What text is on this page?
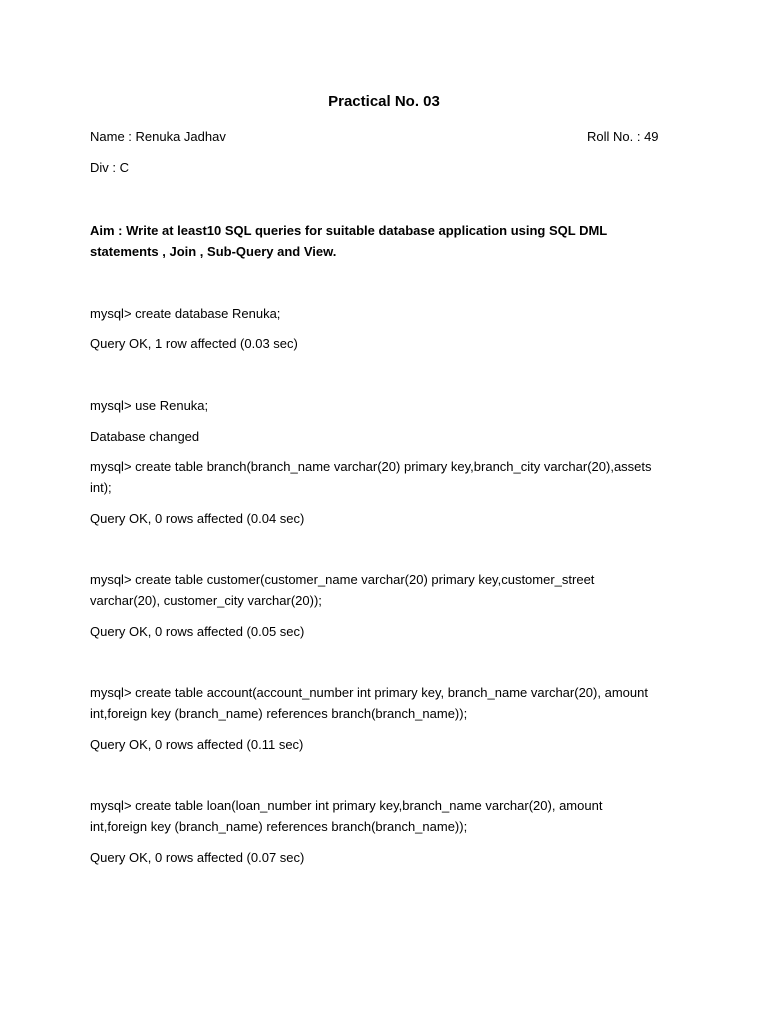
Practical No. 03
Name : Renuka Jadhav	Roll No. : 49
Div : C
Aim : Write at least10 SQL queries for suitable database application using SQL DML statements , Join , Sub-Query and View.
mysql> create database Renuka;
Query OK, 1 row affected (0.03 sec)
mysql> use Renuka;
Database changed
mysql> create table branch(branch_name varchar(20) primary key,branch_city varchar(20),assets int);
Query OK, 0 rows affected (0.04 sec)
mysql> create table customer(customer_name varchar(20) primary key,customer_street varchar(20), customer_city varchar(20));
Query OK, 0 rows affected (0.05 sec)
mysql> create table account(account_number int primary key, branch_name varchar(20), amount int,foreign key (branch_name) references branch(branch_name));
Query OK, 0 rows affected (0.11 sec)
mysql> create table loan(loan_number int primary key,branch_name varchar(20), amount int,foreign key (branch_name) references branch(branch_name));
Query OK, 0 rows affected (0.07 sec)
